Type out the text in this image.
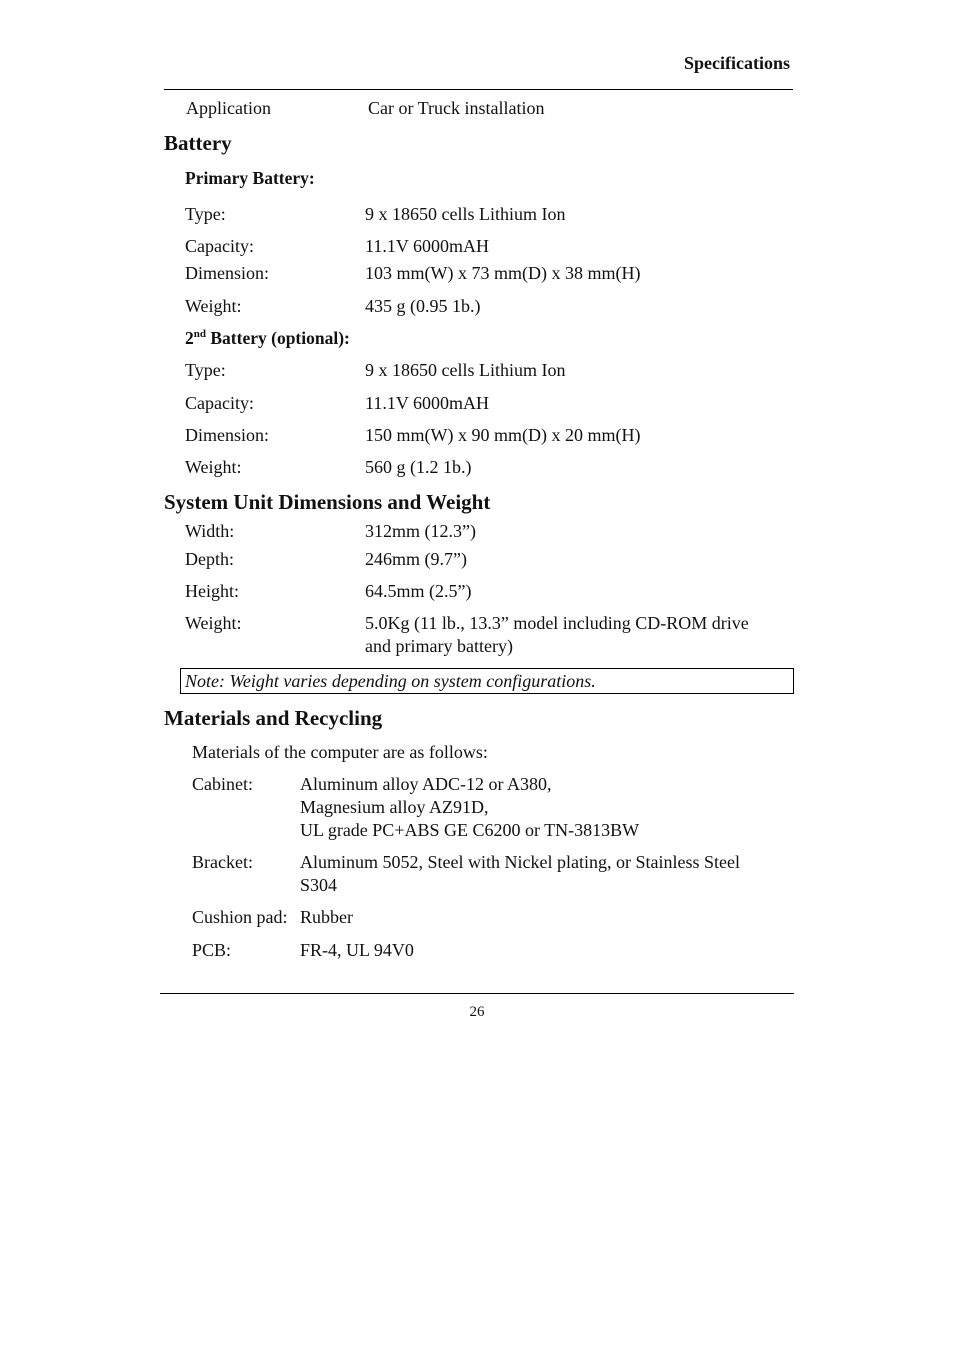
Specifications
Application	Car or Truck installation
Battery
Primary Battery:
Type:	9 x 18650 cells Lithium Ion
Capacity:	11.1V 6000mAH
Dimension:	103 mm(W) x 73 mm(D) x 38 mm(H)
Weight:	435 g (0.95 1b.)
2nd Battery (optional):
Type:	9 x 18650 cells Lithium Ion
Capacity:	11.1V 6000mAH
Dimension:	150 mm(W) x 90 mm(D) x 20 mm(H)
Weight:	560 g (1.2 1b.)
System Unit Dimensions and Weight
Width:	312mm (12.3”)
Depth:	246mm (9.7”)
Height:	64.5mm (2.5”)
Weight:	5.0Kg (11 lb., 13.3” model including CD-ROM drive
and primary battery)
Note: Weight varies depending on system configurations.
Materials and Recycling
Materials of the computer are as follows:
Cabinet:	Aluminum alloy ADC-12 or A380,
Magnesium alloy AZ91D,
UL grade PC+ABS GE C6200 or TN-3813BW
Bracket:	Aluminum 5052, Steel with Nickel plating, or Stainless Steel
S304
Cushion pad: Rubber
PCB:	FR-4, UL 94V0
26
